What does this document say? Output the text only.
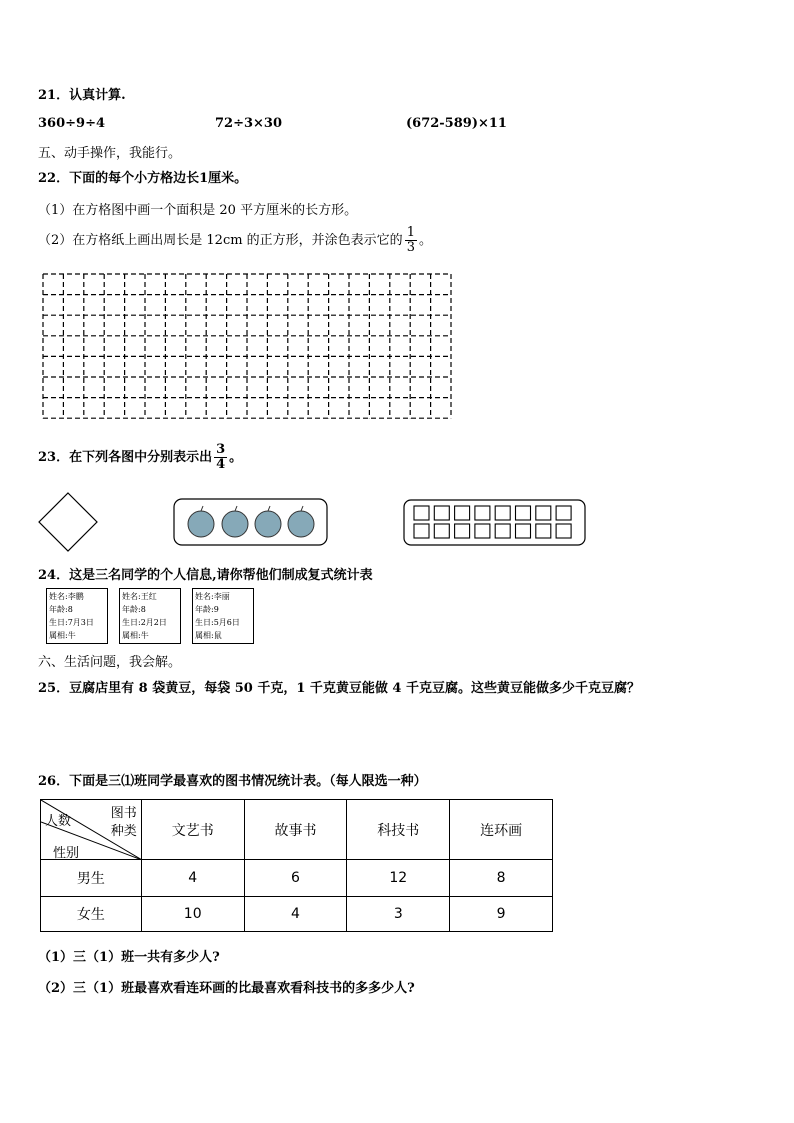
21．认真计算.
360÷9÷4	72÷3×30	(672-589)×11
五、动手操作，我能行。
22．下面的每个小方格边长1厘米。
（1）在方格图中画一个面积是 20 平方厘米的长方形。
（2）在方格纸上画出周长是 12cm 的正方形，并涂色表示它的 $\frac{1}{3}$ 。
23．在下列各图中分别表示出 $\frac{3}{4}$ 。
24．这是三名同学的个人信息,请你帮他们制成复式统计表
姓名:李鹏
年龄:8
生日:7月3日
属相:牛
姓名:王红
年龄:8
生日:2月2日
属相:牛
姓名:李丽
年龄:9
生日:5月6日
属相:鼠
六、生活问题，我会解。
25．豆腐店里有 8 袋黄豆，每袋 50 千克，1 千克黄豆能做 4 千克豆腐。这些黄豆能做多少千克豆腐？
26．下面是三⑴班同学最喜欢的图书情况统计表。（每人限选一种）
图书
种类
人数
性别	文艺书	故事书	科技书	连环画
男生	4	6	12	8
女生	10	4	3	9
（1）三（1）班一共有多少人?
（2）三（1）班最喜欢看连环画的比最喜欢看科技书的多多少人?
